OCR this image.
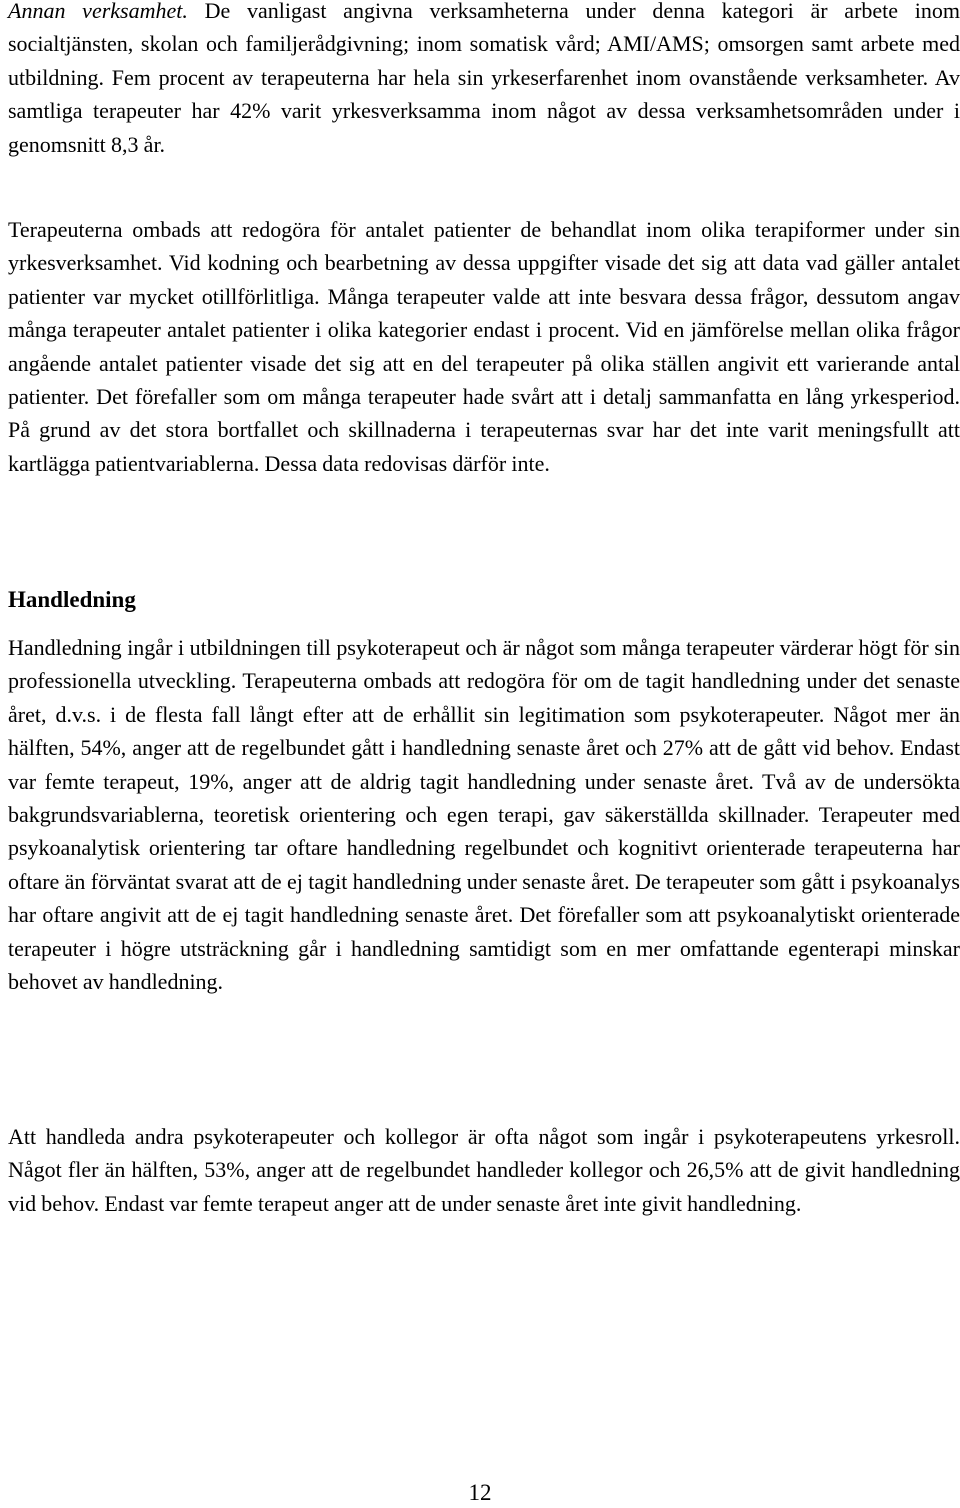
Annan verksamhet. De vanligast angivna verksamheterna under denna kategori är arbete inom socialtjänsten, skolan och familjerådgivning; inom somatisk vård; AMI/AMS; omsorgen samt arbete med utbildning. Fem procent av terapeuterna har hela sin yrkeserfarenhet inom ovanstående verksamheter. Av samtliga terapeuter har 42% varit yrkesverksamma inom något av dessa verksamhetsområden under i genomsnitt 8,3 år.

Terapeuterna ombads att redogöra för antalet patienter de behandlat inom olika terapiformer under sin yrkesverksamhet. Vid kodning och bearbetning av dessa uppgifter visade det sig att data vad gäller antalet patienter var mycket otillförlitliga. Många terapeuter valde att inte besvara dessa frågor, dessutom angav många terapeuter antalet patienter i olika kategorier endast i procent. Vid en jämförelse mellan olika frågor angående antalet patienter visade det sig att en del terapeuter på olika ställen angivit ett varierande antal patienter. Det förefaller som om många terapeuter hade svårt att i detalj sammanfatta en lång yrkesperiod. På grund av det stora bortfallet och skillnaderna i terapeuternas svar har det inte varit meningsfullt att kartlägga patientvariablerna. Dessa data redovisas därför inte.

Handledning

Handledning ingår i utbildningen till psykoterapeut och är något som många terapeuter värderar högt för sin professionella utveckling. Terapeuterna ombads att redogöra för om de tagit handledning under det senaste året, d.v.s. i de flesta fall långt efter att de erhållit sin legitimation som psykoterapeuter. Något mer än hälften, 54%, anger att de regelbundet gått i handledning senaste året och 27% att de gått vid behov. Endast var femte terapeut, 19%, anger att de aldrig tagit handledning under senaste året. Två av de undersökta bakgrundsvariablerna, teoretisk orientering och egen terapi, gav säkerställda skillnader. Terapeuter med psykoanalytisk orientering tar oftare handledning regelbundet och kognitivt orienterade terapeuterna har oftare än förväntat svarat att de ej tagit handledning under senaste året. De terapeuter som gått i psykoanalys har oftare angivit att de ej tagit handledning senaste året. Det förefaller som att psykoanalytiskt orienterade terapeuter i högre utsträckning går i handledning samtidigt som en mer omfattande egenterapi minskar behovet av handledning.

Att handleda andra psykoterapeuter och kollegor är ofta något som ingår i psykoterapeutens yrkesroll. Något fler än hälften, 53%, anger att de regelbundet handleder kollegor och 26,5% att de givit handledning vid behov. Endast var femte terapeut anger att de under senaste året inte givit handledning.

12
